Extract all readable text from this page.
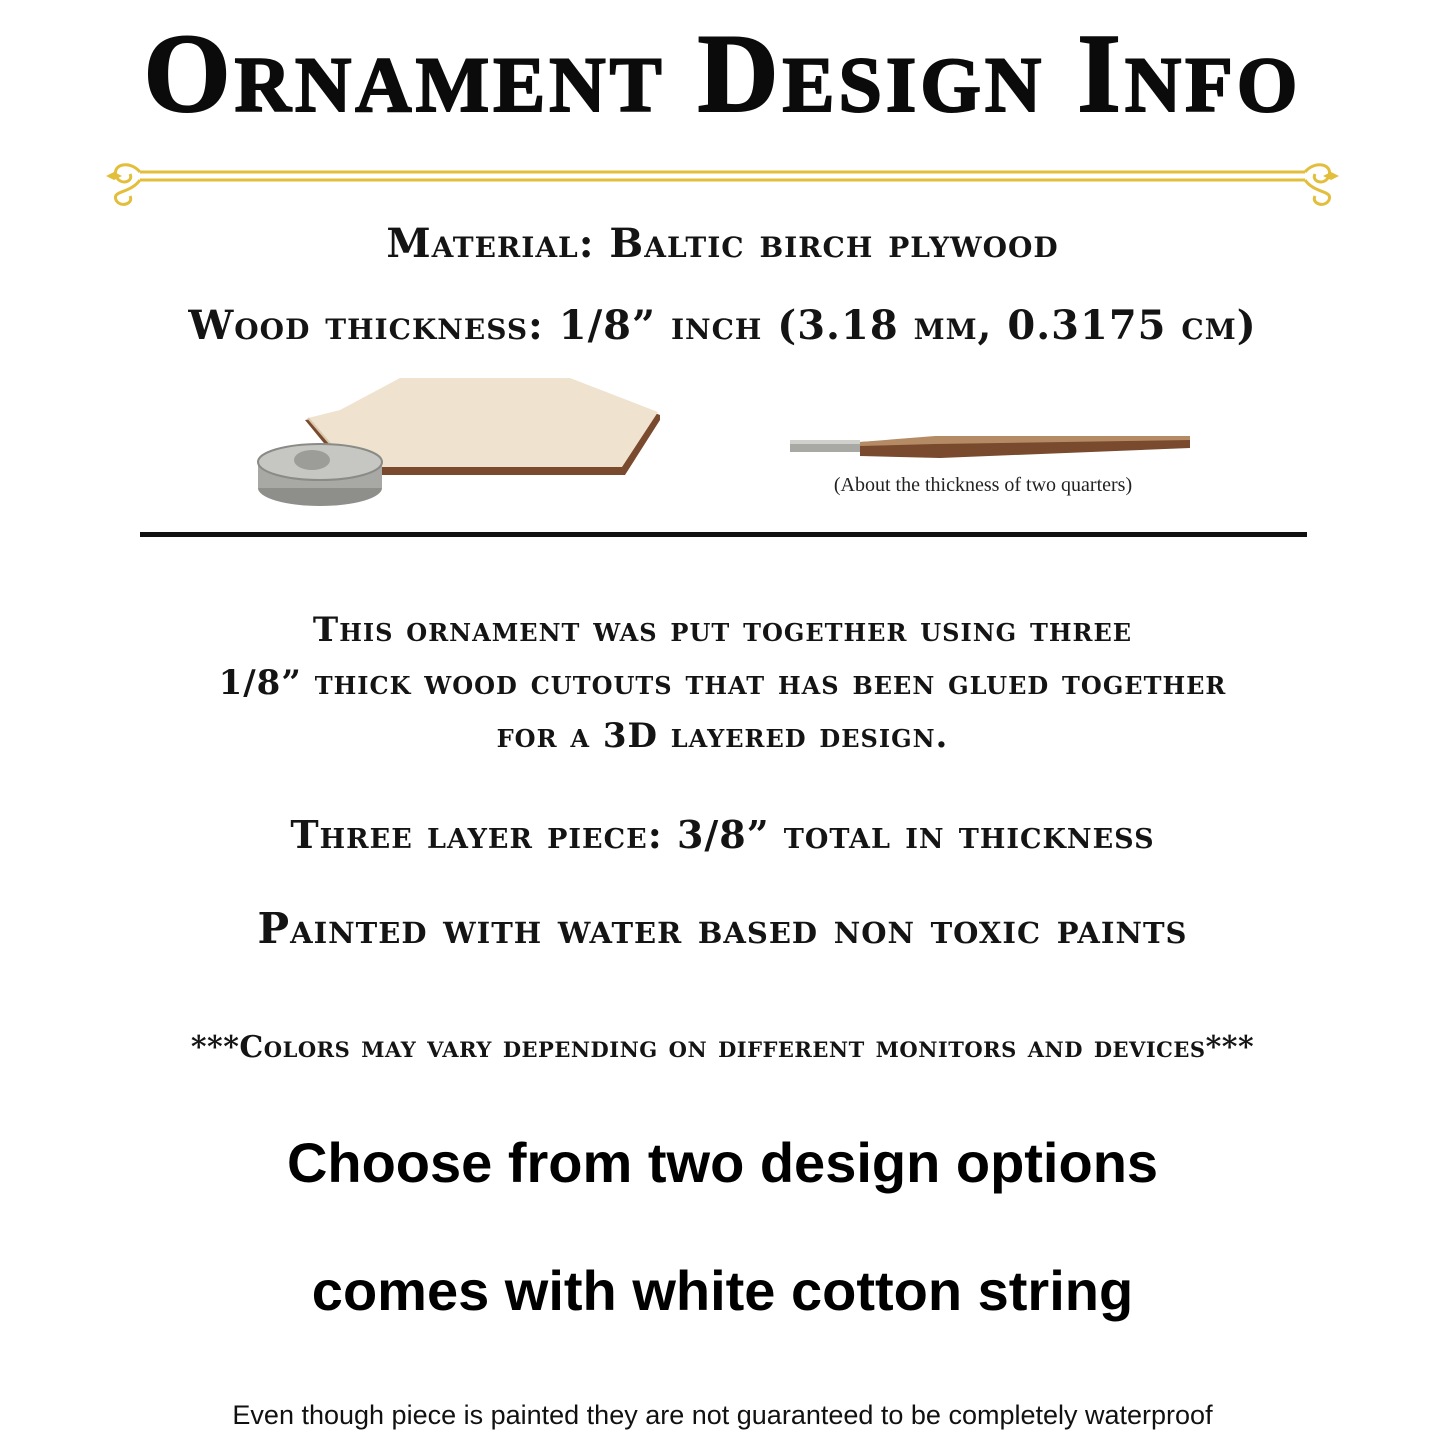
Ornament Design Info
Material: Baltic birch plywood
Wood thickness: 1/8” inch (3.18 mm, 0.3175 cm)
(About the thickness of two quarters)
This ornament was put together using three
1/8” thick wood cutouts that has been glued together
for a 3D layered design.
Three layer piece: 3/8” total in thickness
Painted with water based non toxic paints
***Colors may vary depending on different monitors and devices***
Choose from two design options
comes with white cotton string
Even though piece is painted they are not guaranteed to be completely waterproof
